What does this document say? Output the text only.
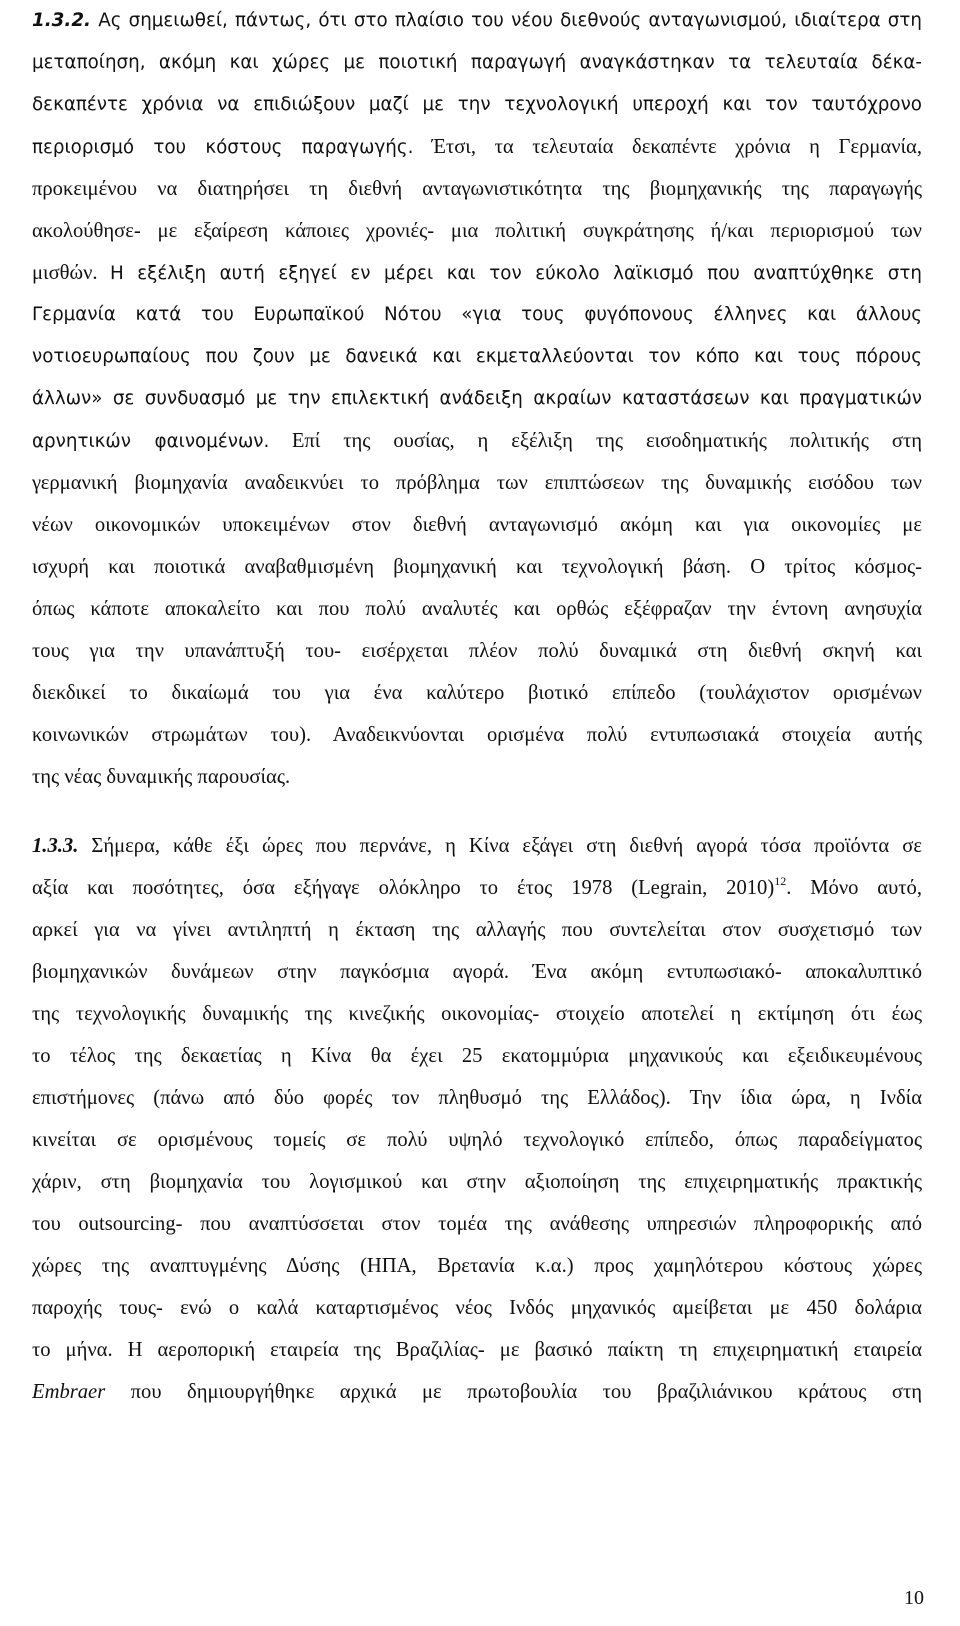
1.3.2. Ας σημειωθεί, πάντως, ότι στο πλαίσιο του νέου διεθνούς ανταγωνισμού, ιδιαίτερα στη
μεταποίηση, ακόμη και χώρες με ποιοτική παραγωγή αναγκάστηκαν τα τελευταία δέκα-
δεκαπέντε χρόνια να επιδιώξουν μαζί με την τεχνολογική υπεροχή και τον ταυτόχρονο
περιορισμό του κόστους παραγωγής. Έτσι, τα τελευταία δεκαπέντε χρόνια η Γερμανία,
προκειμένου να διατηρήσει τη διεθνή ανταγωνιστικότητα της βιομηχανικής της παραγωγής
ακολούθησε- με εξαίρεση κάποιες χρονιές- μια πολιτική συγκράτησης ή/και περιορισμού των
μισθών. Η εξέλιξη αυτή εξηγεί εν μέρει και τον εύκολο λαϊκισμό που αναπτύχθηκε στη
Γερμανία κατά του Ευρωπαϊκού Νότου «για τους φυγόπονους έλληνες και άλλους
νοτιοευρωπαίους που ζουν με δανεικά και εκμεταλλεύονται τον κόπο και τους πόρους
άλλων» σε συνδυασμό με την επιλεκτική ανάδειξη ακραίων καταστάσεων και πραγματικών
αρνητικών φαινομένων. Επί της ουσίας, η εξέλιξη της εισοδηματικής πολιτικής στη
γερμανική βιομηχανία αναδεικνύει το πρόβλημα των επιπτώσεων της δυναμικής εισόδου των
νέων οικονομικών υποκειμένων στον διεθνή ανταγωνισμό ακόμη και για οικονομίες με
ισχυρή και ποιοτικά αναβαθμισμένη βιομηχανική και τεχνολογική βάση. Ο τρίτος κόσμος-
όπως κάποτε αποκαλείτο και που πολύ αναλυτές και ορθώς εξέφραζαν την έντονη ανησυχία
τους για την υπανάπτυξή του- εισέρχεται πλέον πολύ δυναμικά στη διεθνή σκηνή και
διεκδικεί το δικαίωμά του για ένα καλύτερο βιοτικό επίπεδο (τουλάχιστον ορισμένων
κοινωνικών στρωμάτων του). Αναδεικνύονται ορισμένα πολύ εντυπωσιακά στοιχεία αυτής
της νέας δυναμικής παρουσίας.
1.3.3. Σήμερα, κάθε έξι ώρες που περνάνε, η Κίνα εξάγει στη διεθνή αγορά τόσα προϊόντα σε
αξία και ποσότητες, όσα εξήγαγε ολόκληρο το έτος 1978 (Legrain, 2010)$^{12}$. Μόνο αυτό,
αρκεί για να γίνει αντιληπτή η έκταση της αλλαγής που συντελείται στον συσχετισμό των
βιομηχανικών δυνάμεων στην παγκόσμια αγορά. Ένα ακόμη εντυπωσιακό- αποκαλυπτικό
της τεχνολογικής δυναμικής της κινεζικής οικονομίας- στοιχείο αποτελεί η εκτίμηση ότι έως
το τέλος της δεκαετίας η Κίνα θα έχει 25 εκατομμύρια μηχανικούς και εξειδικευμένους
επιστήμονες (πάνω από δύο φορές τον πληθυσμό της Ελλάδος). Την ίδια ώρα, η Ινδία
κινείται σε ορισμένους τομείς σε πολύ υψηλό τεχνολογικό επίπεδο, όπως παραδείγματος
χάριν, στη βιομηχανία του λογισμικού και στην αξιοποίηση της επιχειρηματικής πρακτικής
του outsourcing- που αναπτύσσεται στον τομέα της ανάθεσης υπηρεσιών πληροφορικής από
χώρες της αναπτυγμένης Δύσης (ΗΠΑ, Βρετανία κ.α.) προς χαμηλότερου κόστους χώρες
παροχής τους- ενώ ο καλά καταρτισμένος νέος Ινδός μηχανικός αμείβεται με 450 δολάρια
το μήνα. Η αεροπορική εταιρεία της Βραζιλίας- με βασικό παίκτη τη επιχειρηματική εταιρεία
Embraer που δημιουργήθηκε αρχικά με πρωτοβουλία του βραζιλιάνικου κράτους στη
10
